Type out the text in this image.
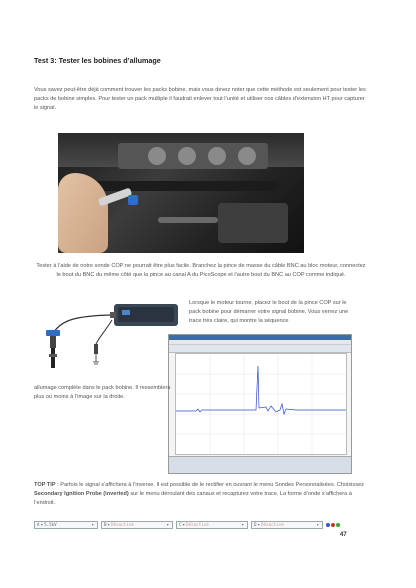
Test 3: Tester les bobines d’allumage

Vous savez peut-être déjà comment trouver les packs bobine, mais vous devez noter que cette méthode est seulement pour tester les packs de bobine simples. Pour tester un pack multiple il faudrait enlever tout l’unité et utiliser nos câbles d’extension HT pour capturer le signal.

Tester à l’aide de notre sonde COP ne pourrait être plus facile. Branchez la pince de masse du câble BNC au bloc moteur, connectez le bout du BNC du même côté que la pince au canal A du PicoScope et l’autre bout du BNC au COP comme indiqué.

Lorsque le moteur tourne, placez le bout de la pince COP sur le pack bobine pour démarrer votre signal bobine. Vous verrez une trace très claire, qui montre la séquence

allumage complète dans le pack bobine. Il ressemblera plus ou moins à l’image sur la droite.

TOP TIP : Parfois le signal s’affichera à l’inverse. Il est possible de le rectifier en ouvrant le menu Sondes Personnalisées. Choisissez Secondary Ignition Probe (inverted) sur le menu déroulant des canaux et recapturez votre trace. La forme d’onde s’affichera à l’endroit.

A ▾ 5.5kV	▾ B ▾ Désactivé	▾ C ▾ Désactivé	▾ D ▾ Désactivé	▾
47
